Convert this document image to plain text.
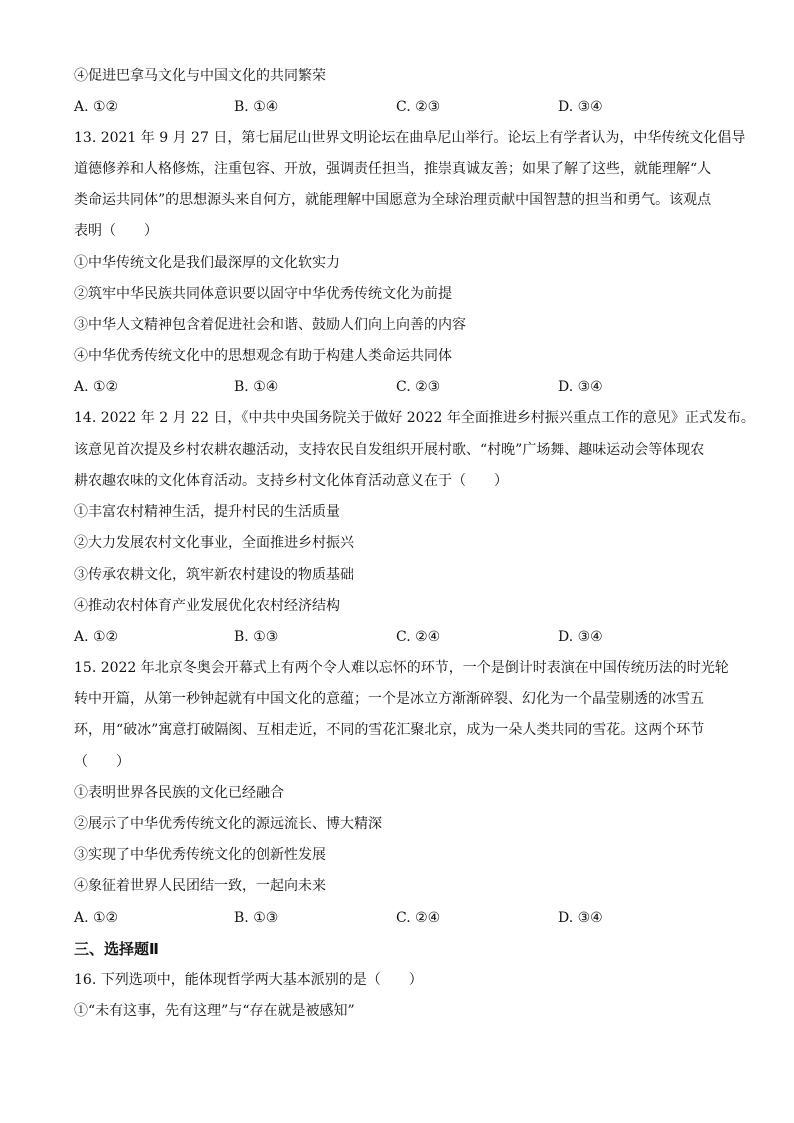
④促进巴拿马文化与中国文化的共同繁荣
A. ①②	B. ①④	C. ②③	D. ③④
13. 2021 年 9 月 27 日，第七届尼山世界文明论坛在曲阜尼山举行。论坛上有学者认为，中华传统文化倡导
道德修养和人格修炼，注重包容、开放，强调责任担当，推崇真诚友善；如果了解了这些，就能理解“人
类命运共同体”的思想源头来自何方，就能理解中国愿意为全球治理贡献中国智慧的担当和勇气。该观点
表明（　　）
①中华传统文化是我们最深厚的文化软实力
②筑牢中华民族共同体意识要以固守中华优秀传统文化为前提
③中华人文精神包含着促进社会和谐、鼓励人们向上向善的内容
④中华优秀传统文化中的思想观念有助于构建人类命运共同体
A. ①②	B. ①④	C. ②③	D. ③④
14. 2022 年 2 月 22 日，《中共中央国务院关于做好 2022 年全面推进乡村振兴重点工作的意见》正式发布。
该意见首次提及乡村农耕农趣活动，支持农民自发组织开展村歌、“村晚”广场舞、趣味运动会等体现农
耕农趣农味的文化体育活动。支持乡村文化体育活动意义在于（　　）
①丰富农村精神生活，提升村民的生活质量
②大力发展农村文化事业，全面推进乡村振兴
③传承农耕文化，筑牢新农村建设的物质基础
④推动农村体育产业发展优化农村经济结构
A. ①②	B. ①③	C. ②④	D. ③④
15. 2022 年北京冬奥会开幕式上有两个令人难以忘怀的环节，一个是倒计时表演在中国传统历法的时光轮
转中开篇，从第一秒钟起就有中国文化的意蕴；一个是冰立方渐渐碎裂、幻化为一个晶莹剔透的冰雪五
环，用“破冰”寓意打破隔阂、互相走近，不同的雪花汇聚北京，成为一朵人类共同的雪花。这两个环节
（　　）
①表明世界各民族的文化已经融合
②展示了中华优秀传统文化的源远流长、博大精深
③实现了中华优秀传统文化的创新性发展
④象征着世界人民团结一致，一起向未来
A. ①②	B. ①③	C. ②④	D. ③④
三、选择题Ⅱ
16. 下列选项中，能体现哲学两大基本派别的是（　　）
①“未有这事，先有这理”与“存在就是被感知”
